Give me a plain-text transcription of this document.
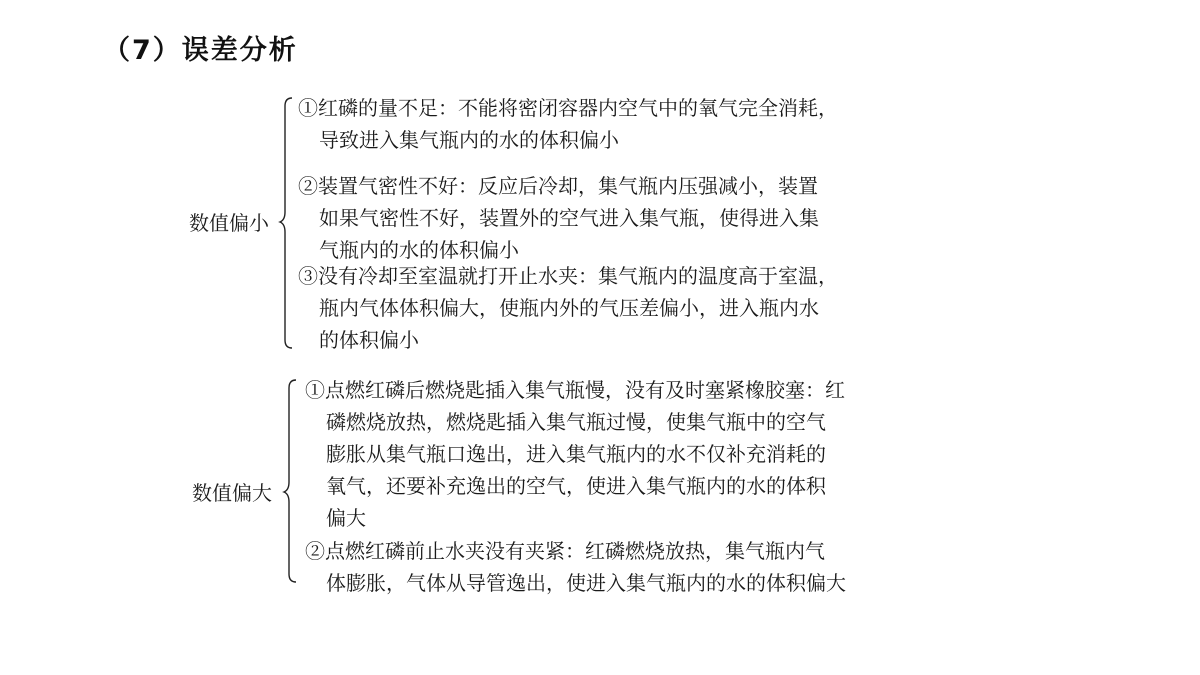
（7）误差分析
数值偏小
①红磷的量不足：不能将密闭容器内空气中的氧气完全消耗，
导致进入集气瓶内的水的体积偏小
②装置气密性不好：反应后冷却，集气瓶内压强减小，装置
如果气密性不好，装置外的空气进入集气瓶，使得进入集
气瓶内的水的体积偏小
③没有冷却至室温就打开止水夹：集气瓶内的温度高于室温，
瓶内气体体积偏大，使瓶内外的气压差偏小，进入瓶内水
的体积偏小
数值偏大
①点燃红磷后燃烧匙插入集气瓶慢，没有及时塞紧橡胶塞：红
磷燃烧放热，燃烧匙插入集气瓶过慢，使集气瓶中的空气
膨胀从集气瓶口逸出，进入集气瓶内的水不仅补充消耗的
氧气，还要补充逸出的空气，使进入集气瓶内的水的体积
偏大
②点燃红磷前止水夹没有夹紧：红磷燃烧放热，集气瓶内气
体膨胀，气体从导管逸出，使进入集气瓶内的水的体积偏大
